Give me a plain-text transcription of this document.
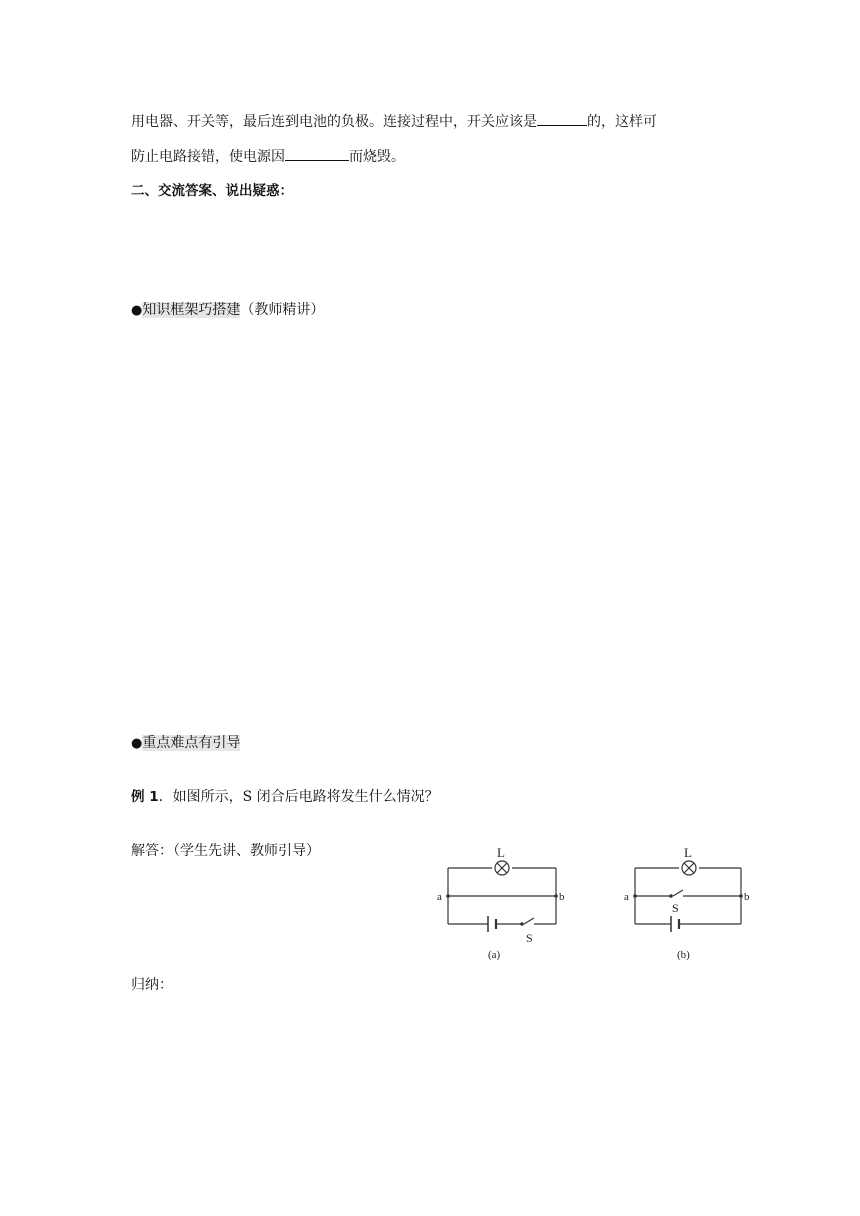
用电器、开关等，最后连到电池的负极。连接过程中，开关应该是	的，这样可
防止电路接错，使电源因	而烧毁。
二、交流答案、说出疑惑：
●知识框架巧搭建（教师精讲）
●重点难点有引导
例 1．如图所示，S 闭合后电路将发生什么情况？
解答：（学生先讲、教师引导）
归纳：
L
a	b
S
(a)
L
a	b
S
(b)
